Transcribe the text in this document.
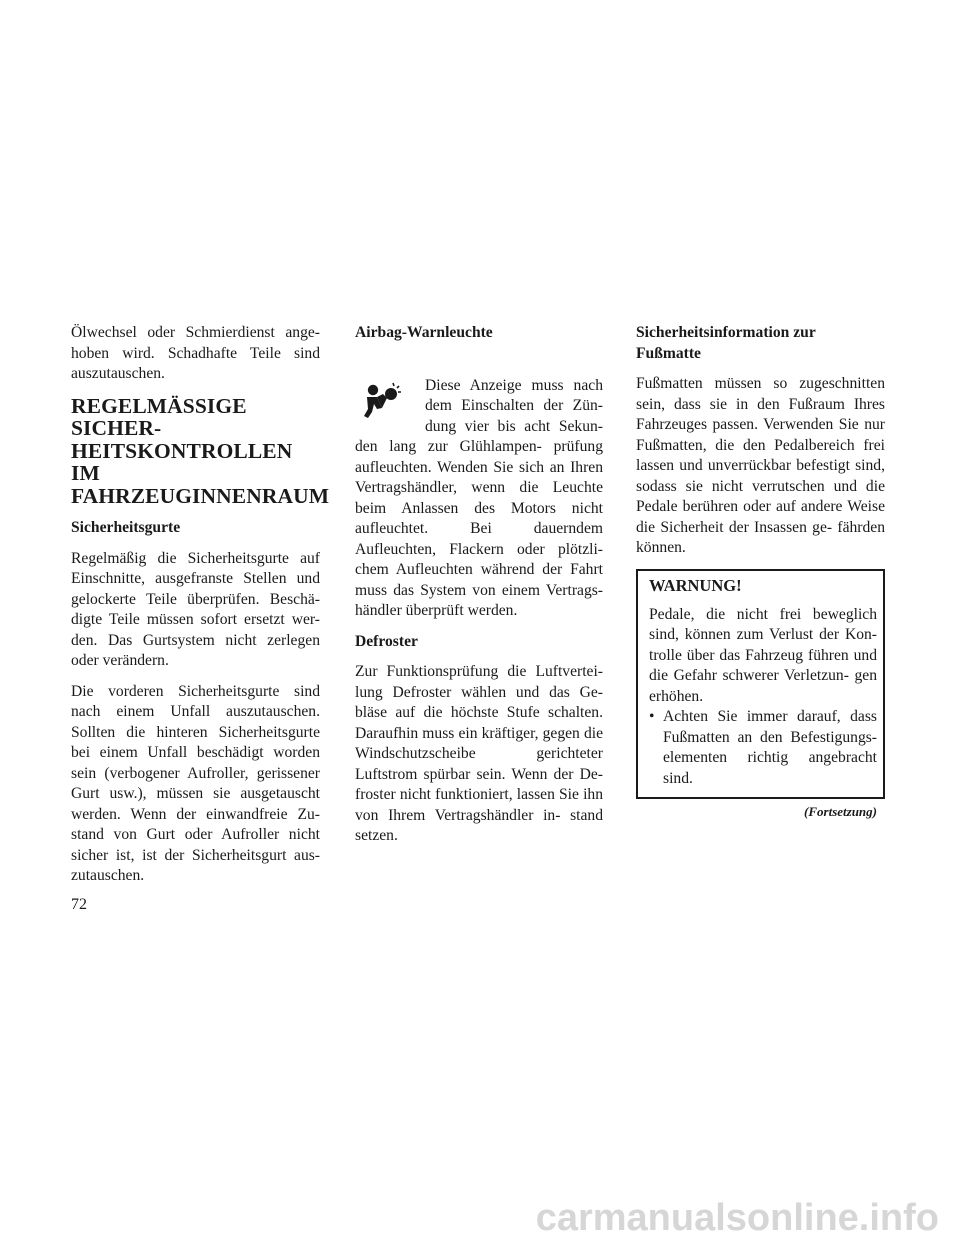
Ölwechsel oder Schmierdienst ange- hoben wird. Schadhafte Teile sind auszutauschen.

REGELMÄSSIGE SICHER-
HEITSKONTROLLEN IM
FAHRZEUGINNENRAUM
Sicherheitsgurte

Regelmäßig die Sicherheitsgurte auf Einschnitte, ausgefranste Stellen und gelockerte Teile überprüfen. Beschä- digte Teile müssen sofort ersetzt wer- den. Das Gurtsystem nicht zerlegen oder verändern.

Die vorderen Sicherheitsgurte sind nach einem Unfall auszutauschen. Sollten die hinteren Sicherheitsgurte bei einem Unfall beschädigt worden sein (verbogener Aufroller, gerissener Gurt usw.), müssen sie ausgetauscht werden. Wenn der einwandfreie Zu- stand von Gurt oder Aufroller nicht sicher ist, ist der Sicherheitsgurt aus- zutauschen.

Airbag-Warnleuchte

Diese Anzeige muss nach dem Einschalten der Zün- dung vier bis acht Sekun- den lang zur Glühlampen- prüfung aufleuchten. Wenden Sie sich an Ihren Vertragshändler, wenn die Leuchte beim Anlassen des Motors nicht aufleuchtet. Bei dauerndem Aufleuchten, Flackern oder plötzli- chem Aufleuchten während der Fahrt muss das System von einem Vertrags- händler überprüft werden.

Defroster

Zur Funktionsprüfung die Luftvertei- lung Defroster wählen und das Ge- bläse auf die höchste Stufe schalten. Daraufhin muss ein kräftiger, gegen die Windschutzscheibe gerichteter Luftstrom spürbar sein. Wenn der De- froster nicht funktioniert, lassen Sie ihn von Ihrem Vertragshändler in- stand setzen.

Sicherheitsinformation zur
Fußmatte

Fußmatten müssen so zugeschnitten sein, dass sie in den Fußraum Ihres Fahrzeuges passen. Verwenden Sie nur Fußmatten, die den Pedalbereich frei lassen und unverrückbar befestigt sind, sodass sie nicht verrutschen und die Pedale berühren oder auf andere Weise die Sicherheit der Insassen ge- fährden können.

WARNUNG!

Pedale, die nicht frei beweglich sind, können zum Verlust der Kon- trolle über das Fahrzeug führen und die Gefahr schwerer Verletzun- gen erhöhen.

• Achten Sie immer darauf, dass Fußmatten an den Befestigungs- elementen richtig angebracht sind.

(Fortsetzung)

72
carmanualsonline.info
